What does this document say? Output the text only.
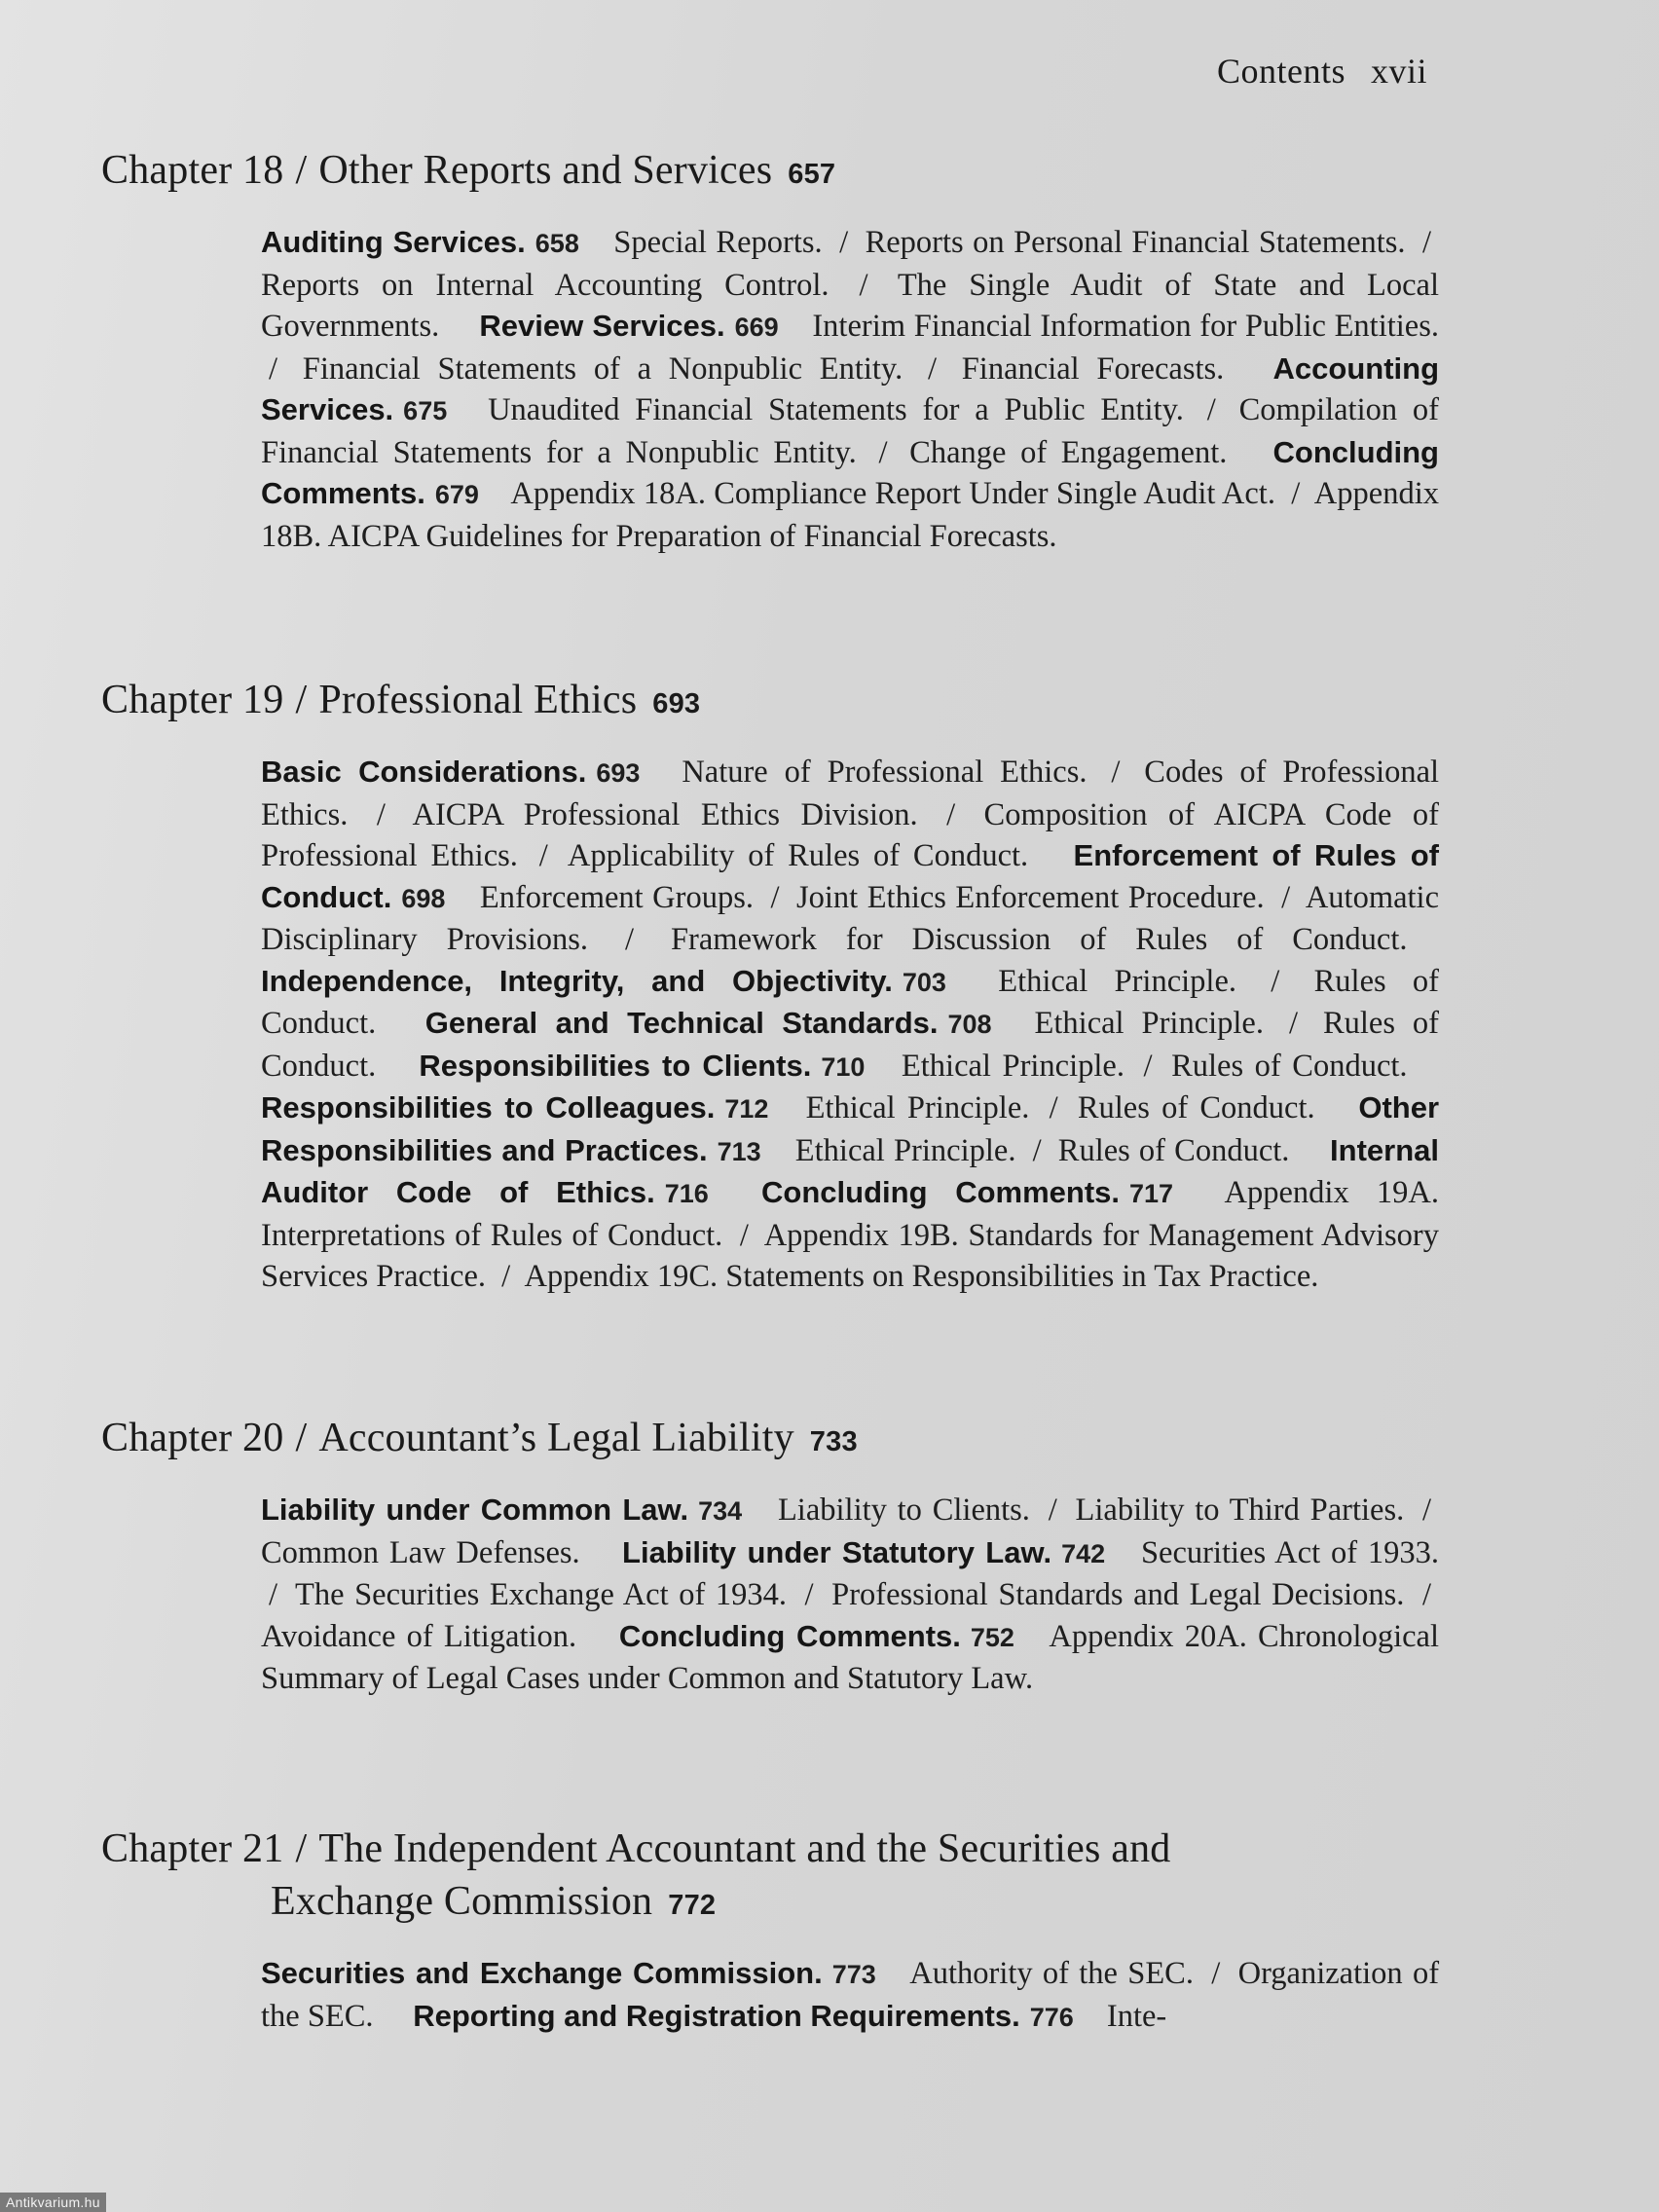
Contents xvii
Chapter 18 / Other Reports and Services 657
Auditing Services. 658 Special Reports. / Reports on Personal Financial Statements. / Reports on Internal Accounting Control. / The Single Audit of State and Local Governments.  Review Services. 669 Interim Financial Information for Public Entities. / Financial Statements of a Nonpublic Entity. / Financial Forecasts.  Accounting Services. 675 Unaudited Financial Statements for a Public Entity. / Compilation of Financial Statements for a Nonpublic Entity. / Change of Engagement.  Concluding Comments. 679 Appendix 18A. Compliance Report Under Single Audit Act. / Appendix 18B. AICPA Guidelines for Preparation of Financial Forecasts. 
Chapter 19 / Professional Ethics 693
Basic Considerations. 693 Nature of Professional Ethics. / Codes of Professional Ethics. / AICPA Professional Ethics Division. / Composition of AICPA Code of Professional Ethics. / Applicability of Rules of Conduct.  Enforcement of Rules of Conduct. 698 Enforcement Groups. / Joint Ethics Enforcement Procedure. / Automatic Disciplinary Provisions. / Framework for Discussion of Rules of Conduct.  Independence, Integrity, and Objectivity. 703 Ethical Principle. / Rules of Conduct.  General and Technical Standards. 708 Ethical Principle. / Rules of Conduct.  Responsibilities to Clients. 710 Ethical Principle. / Rules of Conduct.  Responsibilities to Colleagues. 712 Ethical Principle. / Rules of Conduct.  Other Responsibilities and Practices. 713 Ethical Principle. / Rules of Conduct.  Internal Auditor Code of Ethics. 716 Concluding Comments. 717 Appendix 19A. Interpretations of Rules of Conduct. / Appendix 19B. Standards for Management Advisory Services Practice. / Appendix 19C. Statements on Responsibilities in Tax Practice. 
Chapter 20 / Accountant’s Legal Liability 733
Liability under Common Law. 734 Liability to Clients. / Liability to Third Parties. / Common Law Defenses.  Liability under Statutory Law. 742 Securities Act of 1933. / The Securities Exchange Act of 1934. / Professional Standards and Legal Decisions. / Avoidance of Litigation.  Concluding Comments. 752 Appendix 20A. Chronological Summary of Legal Cases under Common and Statutory Law. 
Chapter 21 / The Independent Accountant and the Securities and
Exchange Commission 772
Securities and Exchange Commission. 773 Authority of the SEC. / Organization of the SEC.  Reporting and Registration Requirements. 776 Inte- 
Antikvarium.hu
